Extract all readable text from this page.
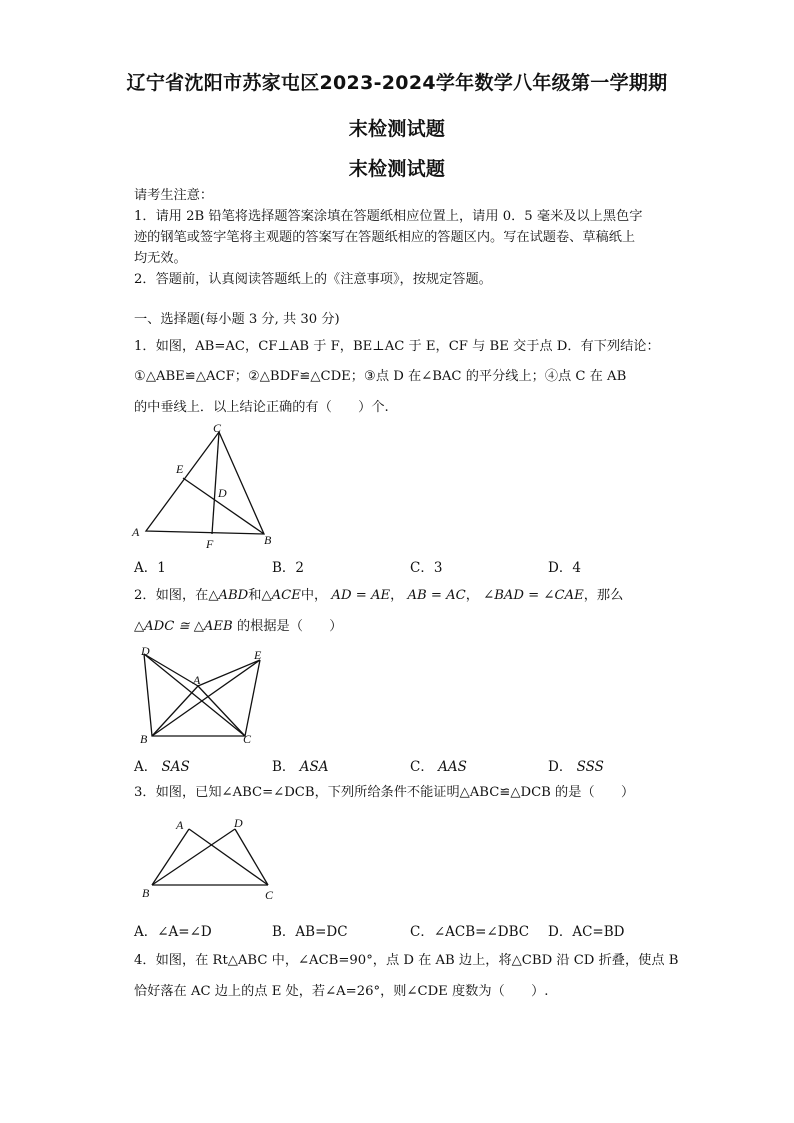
辽宁省沈阳市苏家屯区2023-2024学年数学八年级第一学期期
末检测试题
末检测试题
请考生注意：
1．请用 2B 铅笔将选择题答案涂填在答题纸相应位置上，请用 0．5 毫米及以上黑色字
迹的钢笔或签字笔将主观题的答案写在答题纸相应的答题区内。写在试题卷、草稿纸上
均无效。
2．答题前，认真阅读答题纸上的《注意事项》，按规定答题。
一、选择题(每小题 3 分, 共 30 分)
1．如图，AB=AC，CF⊥AB 于 F，BE⊥AC 于 E，CF 与 BE 交于点 D．有下列结论：
①△ABE≌△ACF；②△BDF≌△CDE；③点 D 在∠BAC 的平分线上；④点 C 在 AB
的中垂线上．以上结论正确的有（　　）个.
C
E
D
A
F	B
A．1	B．2	C．3	D．4
2．如图，在△ABD和△ACE中， AD = AE， AB = AC， ∠BAD = ∠CAE，那么
△ADC ≅ △AEB 的根据是（　　）
D	E
A
B	C
A． SAS	B． ASA	C． AAS	D． SSS
3．如图，已知∠ABC=∠DCB，下列所给条件不能证明△ABC≌△DCB 的是（　　）
A	D
B	C
A．∠A=∠D	B．AB=DC	C．∠ACB=∠DBC D．AC=BD
4．如图，在 Rt△ABC 中，∠ACB=90°，点 D 在 AB 边上，将△CBD 沿 CD 折叠，使点 B
恰好落在 AC 边上的点 E 处，若∠A=26°，则∠CDE 度数为（　　）.
